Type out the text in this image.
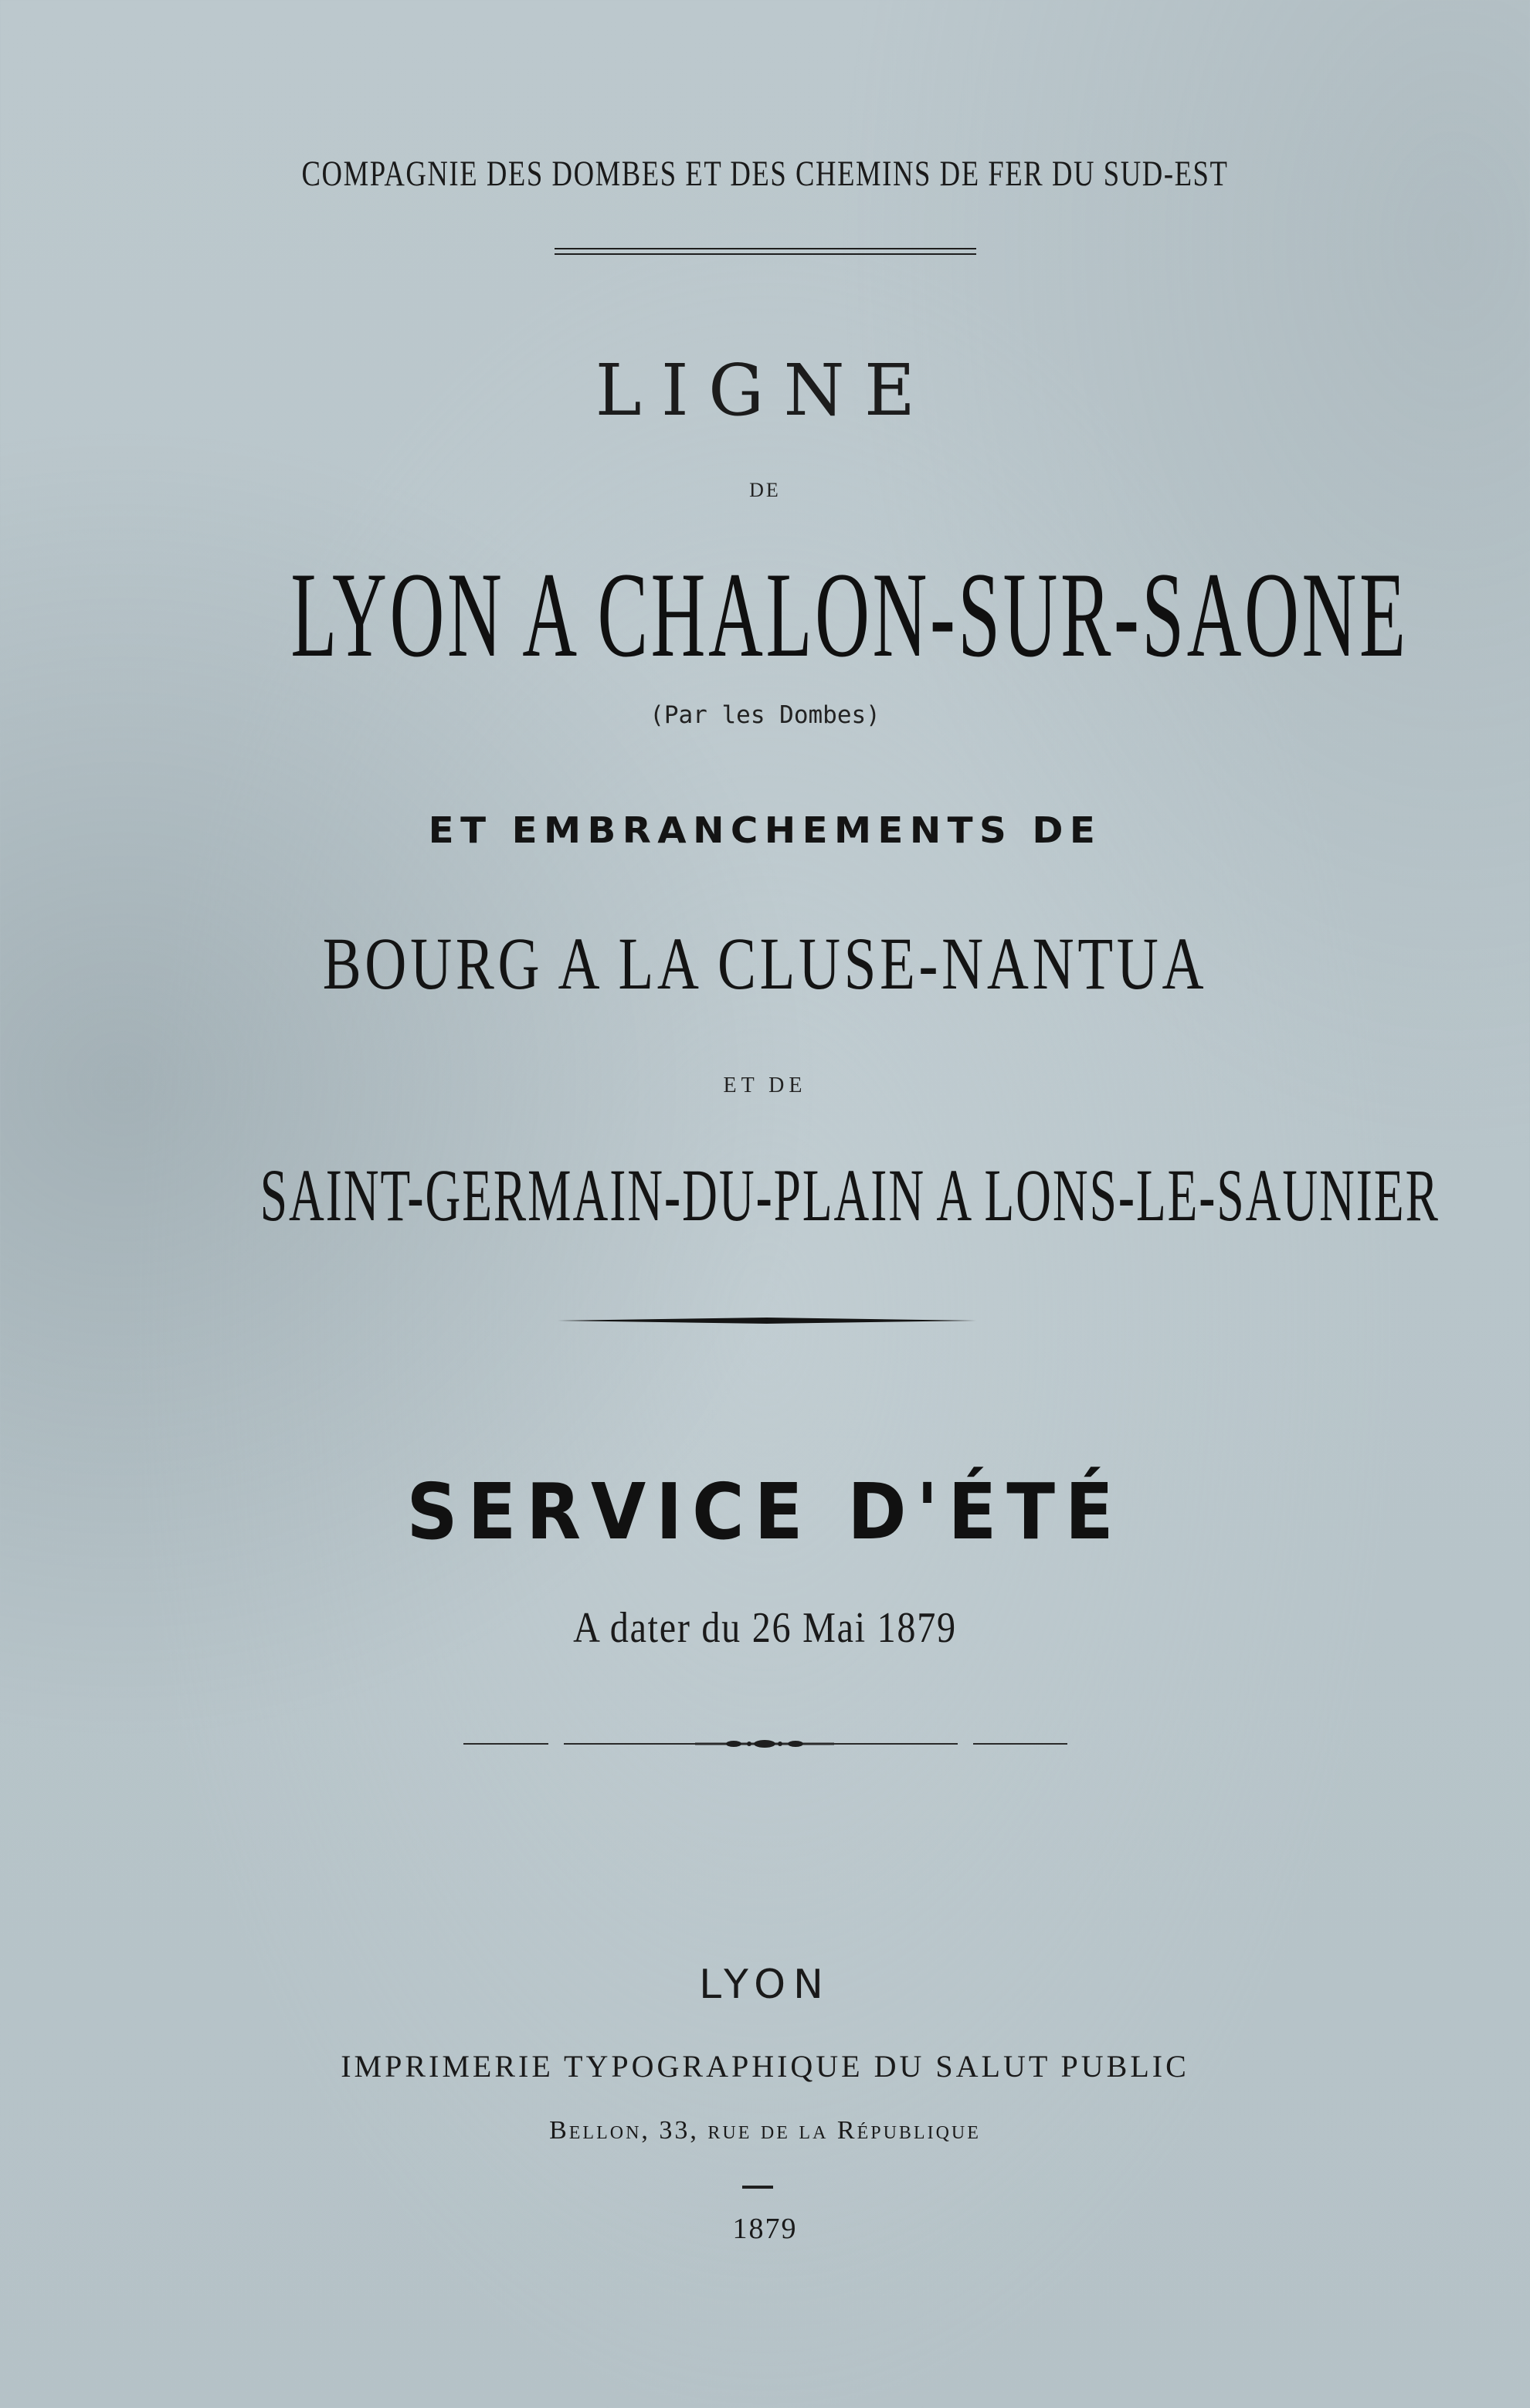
COMPAGNIE DES DOMBES ET DES CHEMINS DE FER DU SUD-EST
LIGNE
DE
LYON A CHALON-SUR-SAONE
(Par les Dombes)
ET EMBRANCHEMENTS DE
BOURG A LA CLUSE-NANTUA
ET DE
SAINT-GERMAIN-DU-PLAIN A LONS-LE-SAUNIER
SERVICE D'ÉTÉ
A dater du 26 Mai 1879
LYON
IMPRIMERIE TYPOGRAPHIQUE DU SALUT PUBLIC
Bellon, 33, rue de la République
1879
